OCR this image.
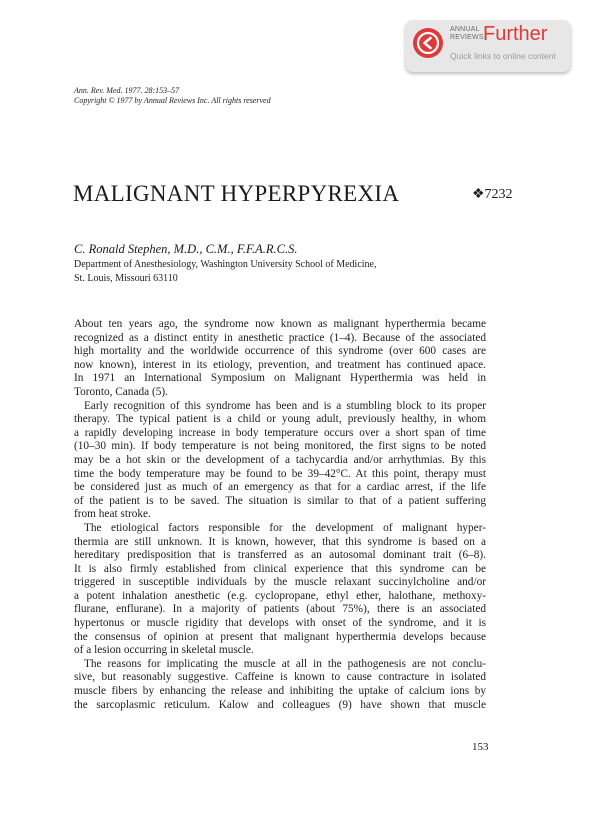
ANNUAL
REVIEWS Further
Quick links to online content
Ann. Rev. Med. 1977. 28:153–57
Copyright © 1977 by Annual Reviews Inc. All rights reserved
MALIGNANT HYPERPYREXIA	❖7232
C. Ronald Stephen, M.D., C.M., F.F.A.R.C.S.
Department of Anesthesiology, Washington University School of Medicine,
St. Louis, Missouri 63110
About ten years ago, the syndrome now known as malignant hyperthermia became
recognized as a distinct entity in anesthetic practice (1–4). Because of the associated
high mortality and the worldwide occurrence of this syndrome (over 600 cases are
now known), interest in its etiology, prevention, and treatment has continued apace.
In 1971 an International Symposium on Malignant Hyperthermia was held in
Toronto, Canada (5).
Early recognition of this syndrome has been and is a stumbling block to its proper
therapy. The typical patient is a child or young adult, previously healthy, in whom
a rapidly developing increase in body temperature occurs over a short span of time
(10–30 min). If body temperature is not being monitored, the first signs to be noted
may be a hot skin or the development of a tachycardia and/or arrhythmias. By this
time the body temperature may be found to be 39–42°C. At this point, therapy must
be considered just as much of an emergency as that for a cardiac arrest, if the life
of the patient is to be saved. The situation is similar to that of a patient suffering
from heat stroke.
The etiological factors responsible for the development of malignant hyper-
thermia are still unknown. It is known, however, that this syndrome is based on a
hereditary predisposition that is transferred as an autosomal dominant trait (6–8).
It is also firmly established from clinical experience that this syndrome can be
triggered in susceptible individuals by the muscle relaxant succinylcholine and/or
a potent inhalation anesthetic (e.g. cyclopropane, ethyl ether, halothane, methoxy-
flurane, enflurane). In a majority of patients (about 75%), there is an associated
hypertonus or muscle rigidity that develops with onset of the syndrome, and it is
the consensus of opinion at present that malignant hyperthermia develops because
of a lesion occurring in skeletal muscle.
The reasons for implicating the muscle at all in the pathogenesis are not conclu-
sive, but reasonably suggestive. Caffeine is known to cause contracture in isolated
muscle fibers by enhancing the release and inhibiting the uptake of calcium ions by
the sarcoplasmic reticulum. Kalow and colleagues (9) have shown that muscle
153
